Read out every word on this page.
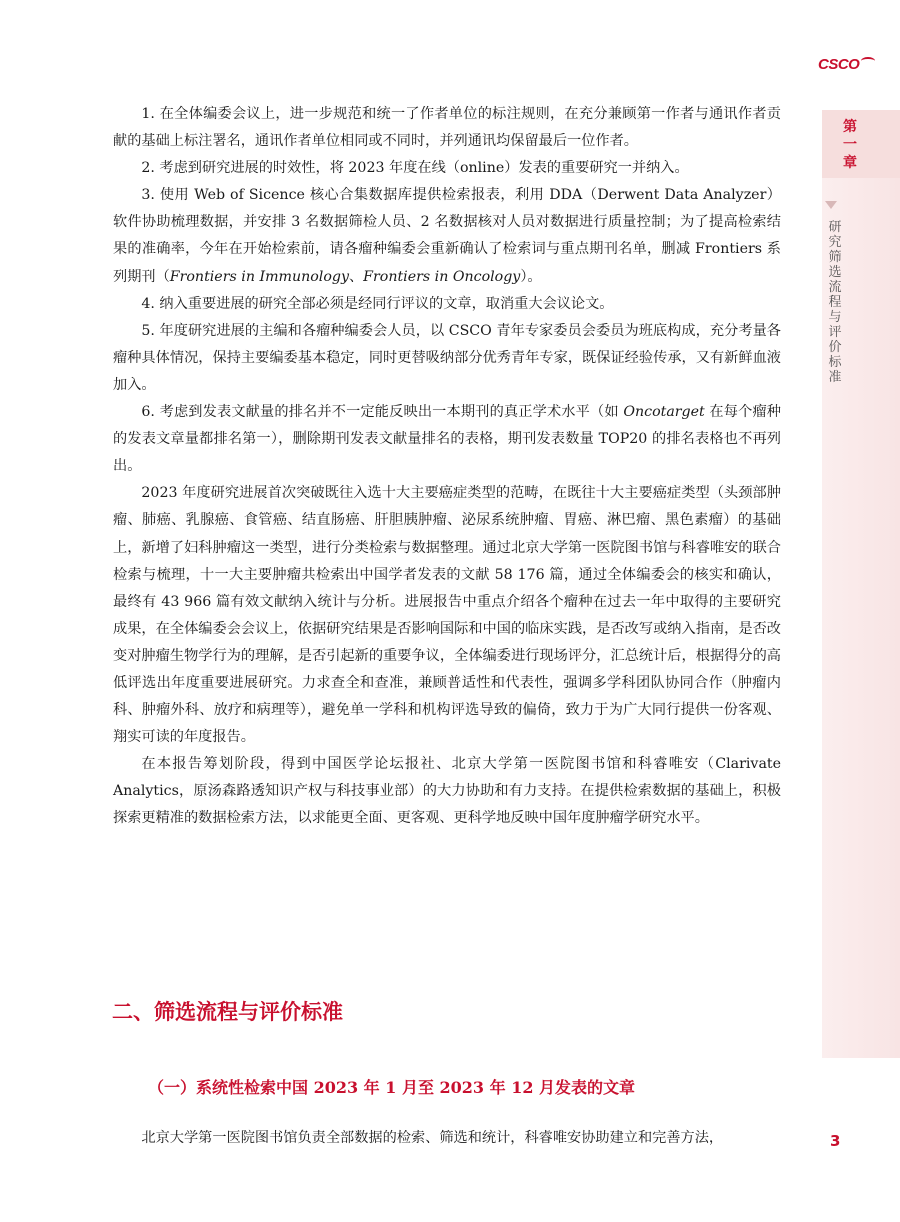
CSCO
第一章
研究筛选流程与评价标准

1. 在全体编委会议上，进一步规范和统一了作者单位的标注规则，在充分兼顾第一作者与通讯作者贡献的基础上标注署名，通讯作者单位相同或不同时，并列通讯均保留最后一位作者。

2. 考虑到研究进展的时效性，将 2023 年度在线（online）发表的重要研究一并纳入。

3. 使用 Web of Sicence 核心合集数据库提供检索报表，利用 DDA（Derwent Data Analyzer）软件协助梳理数据，并安排 3 名数据筛检人员、2 名数据核对人员对数据进行质量控制；为了提高检索结果的准确率，今年在开始检索前，请各瘤种编委会重新确认了检索词与重点期刊名单，删减 Frontiers 系列期刊（Frontiers in Immunology、Frontiers in Oncology）。

4. 纳入重要进展的研究全部必须是经同行评议的文章，取消重大会议论文。

5. 年度研究进展的主编和各瘤种编委会人员，以 CSCO 青年专家委员会委员为班底构成，充分考量各瘤种具体情况，保持主要编委基本稳定，同时更替吸纳部分优秀青年专家，既保证经验传承，又有新鲜血液加入。

6. 考虑到发表文献量的排名并不一定能反映出一本期刊的真正学术水平（如 Oncotarget 在每个瘤种的发表文章量都排名第一），删除期刊发表文献量排名的表格，期刊发表数量 TOP20 的排名表格也不再列出。

2023 年度研究进展首次突破既往入选十大主要癌症类型的范畴，在既往十大主要癌症类型（头颈部肿瘤、肺癌、乳腺癌、食管癌、结直肠癌、肝胆胰肿瘤、泌尿系统肿瘤、胃癌、淋巴瘤、黑色素瘤）的基础上，新增了妇科肿瘤这一类型，进行分类检索与数据整理。通过北京大学第一医院图书馆与科睿唯安的联合检索与梳理，十一大主要肿瘤共检索出中国学者发表的文献 58 176 篇，通过全体编委会的核实和确认，最终有 43 966 篇有效文献纳入统计与分析。进展报告中重点介绍各个瘤种在过去一年中取得的主要研究成果，在全体编委会会议上，依据研究结果是否影响国际和中国的临床实践，是否改写或纳入指南，是否改变对肿瘤生物学行为的理解，是否引起新的重要争议，全体编委进行现场评分，汇总统计后，根据得分的高低评选出年度重要进展研究。力求查全和查准，兼顾普适性和代表性，强调多学科团队协同合作（肿瘤内科、肿瘤外科、放疗和病理等），避免单一学科和机构评选导致的偏倚，致力于为广大同行提供一份客观、翔实可读的年度报告。

在本报告筹划阶段，得到中国医学论坛报社、北京大学第一医院图书馆和科睿唯安（Clarivate Analytics，原汤森路透知识产权与科技事业部）的大力协助和有力支持。在提供检索数据的基础上，积极探索更精准的数据检索方法，以求能更全面、更客观、更科学地反映中国年度肿瘤学研究水平。

二、筛选流程与评价标准
（一）系统性检索中国 2023 年 1 月至 2023 年 12 月发表的文章

北京大学第一医院图书馆负责全部数据的检索、筛选和统计，科睿唯安协助建立和完善方法，	3
